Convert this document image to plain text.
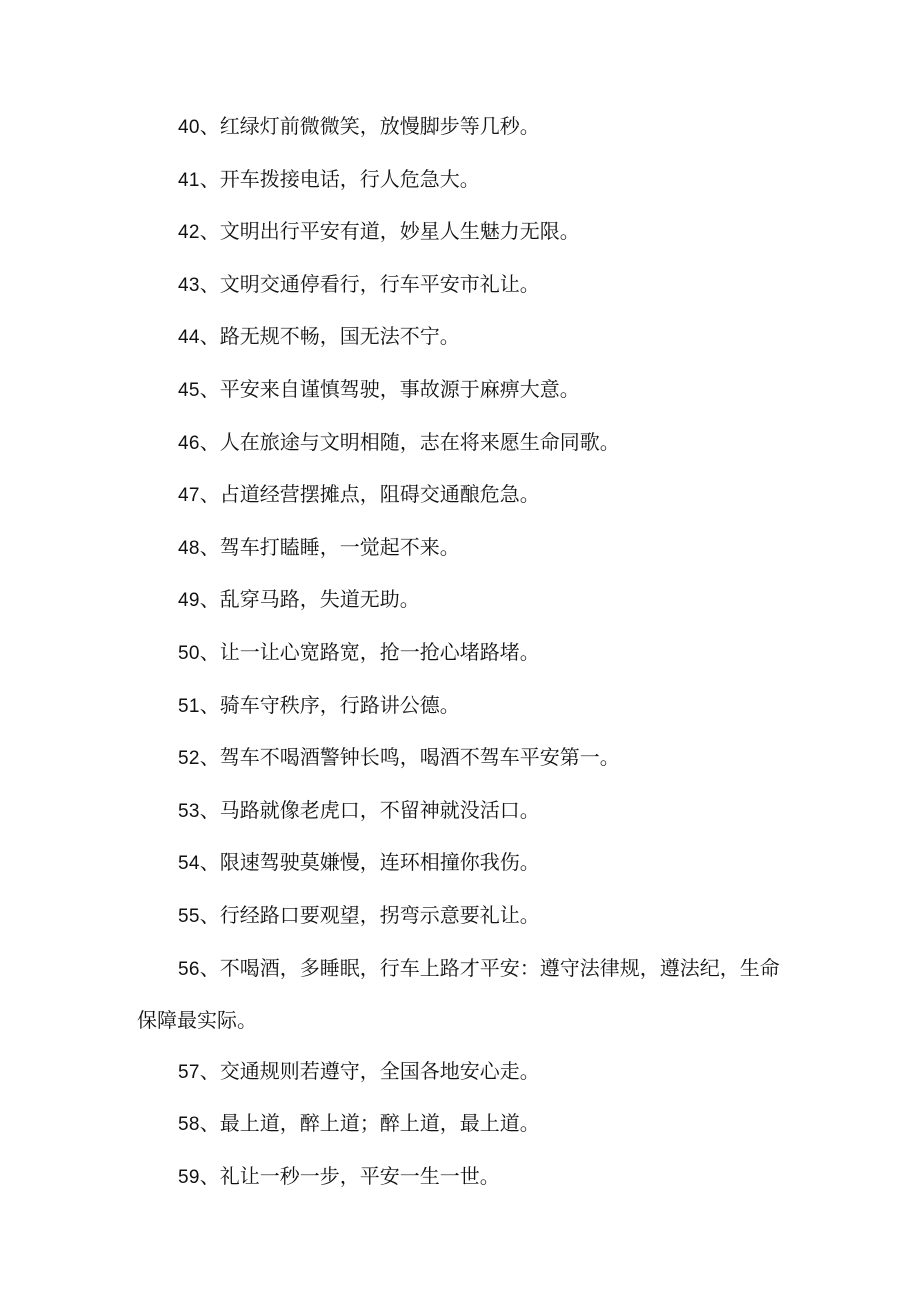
40、红绿灯前微微笑，放慢脚步等几秒。

41、开车拨接电话，行人危急大。

42、文明出行平安有道，妙星人生魅力无限。

43、文明交通停看行，行车平安市礼让。

44、路无规不畅，国无法不宁。

45、平安来自谨慎驾驶，事故源于麻痹大意。

46、人在旅途与文明相随，志在将来愿生命同歌。

47、占道经营摆摊点，阻碍交通酿危急。

48、驾车打瞌睡，一觉起不来。

49、乱穿马路，失道无助。

50、让一让心宽路宽，抢一抢心堵路堵。

51、骑车守秩序，行路讲公德。

52、驾车不喝酒警钟长鸣，喝酒不驾车平安第一。

53、马路就像老虎口，不留神就没活口。

54、限速驾驶莫嫌慢，连环相撞你我伤。

55、行经路口要观望，拐弯示意要礼让。

56、不喝酒，多睡眠，行车上路才平安：遵守法律规，遵法纪，生命保障最实际。

57、交通规则若遵守，全国各地安心走。

58、最上道，醉上道；醉上道，最上道。

59、礼让一秒一步，平安一生一世。
